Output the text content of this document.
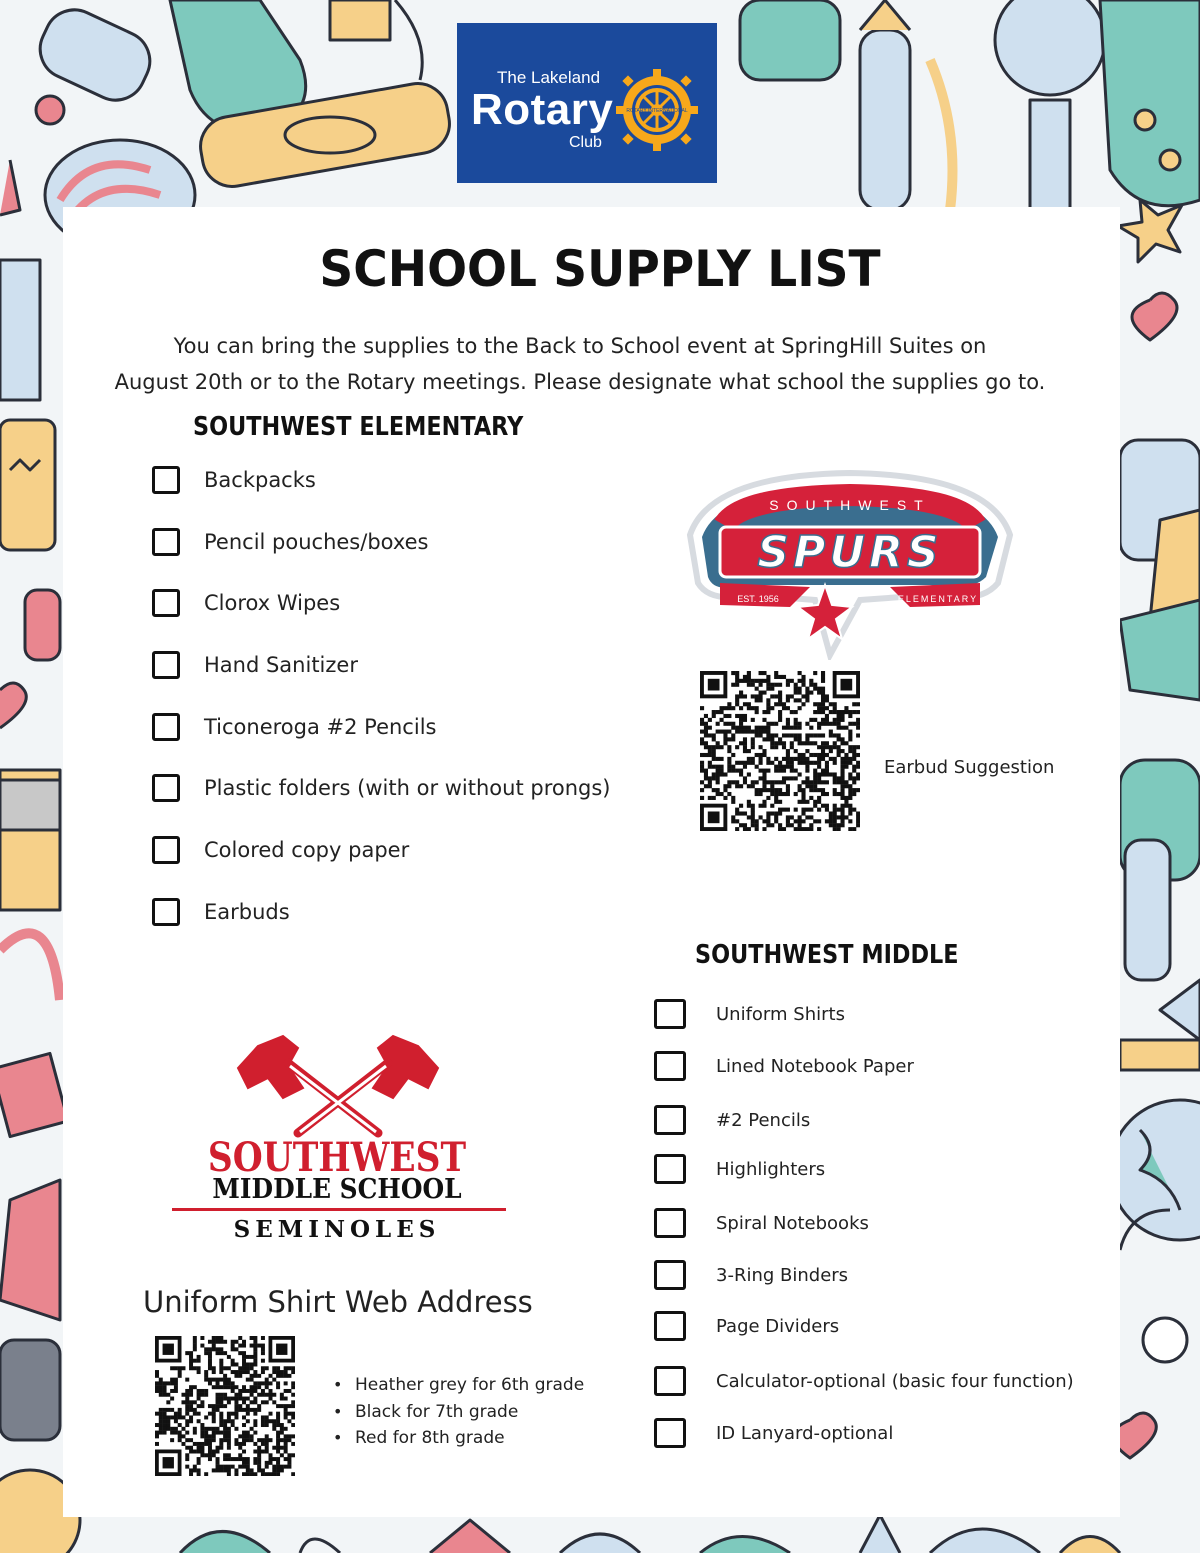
The Lakeland
Rotary
Club
ROTARY INTERNATIONAL
SCHOOL SUPPLY LIST
You can bring the supplies to the Back to School event at SpringHill Suites on
August 20th or to the Rotary meetings. Please designate what school the supplies go to.
SOUTHWEST ELEMENTARY
Backpacks
Pencil pouches/boxes
Clorox Wipes
Hand Sanitizer
Ticoneroga #2 Pencils
Plastic folders (with or without prongs)
Colored copy paper
Earbuds
SOUTHWEST
SPURS
EST. 1956	ELEMENTARY
Earbud Suggestion
SOUTHWEST MIDDLE
Uniform Shirts
Lined Notebook Paper
#2 Pencils
Highlighters
Spiral Notebooks
3-Ring Binders
Page Dividers
Calculator-optional (basic four function)
ID Lanyard-optional
SOUTHWEST
MIDDLE SCHOOL
SEMINOLES
Uniform Shirt Web Address
• Heather grey for 6th grade
• Black for 7th grade
• Red for 8th grade
